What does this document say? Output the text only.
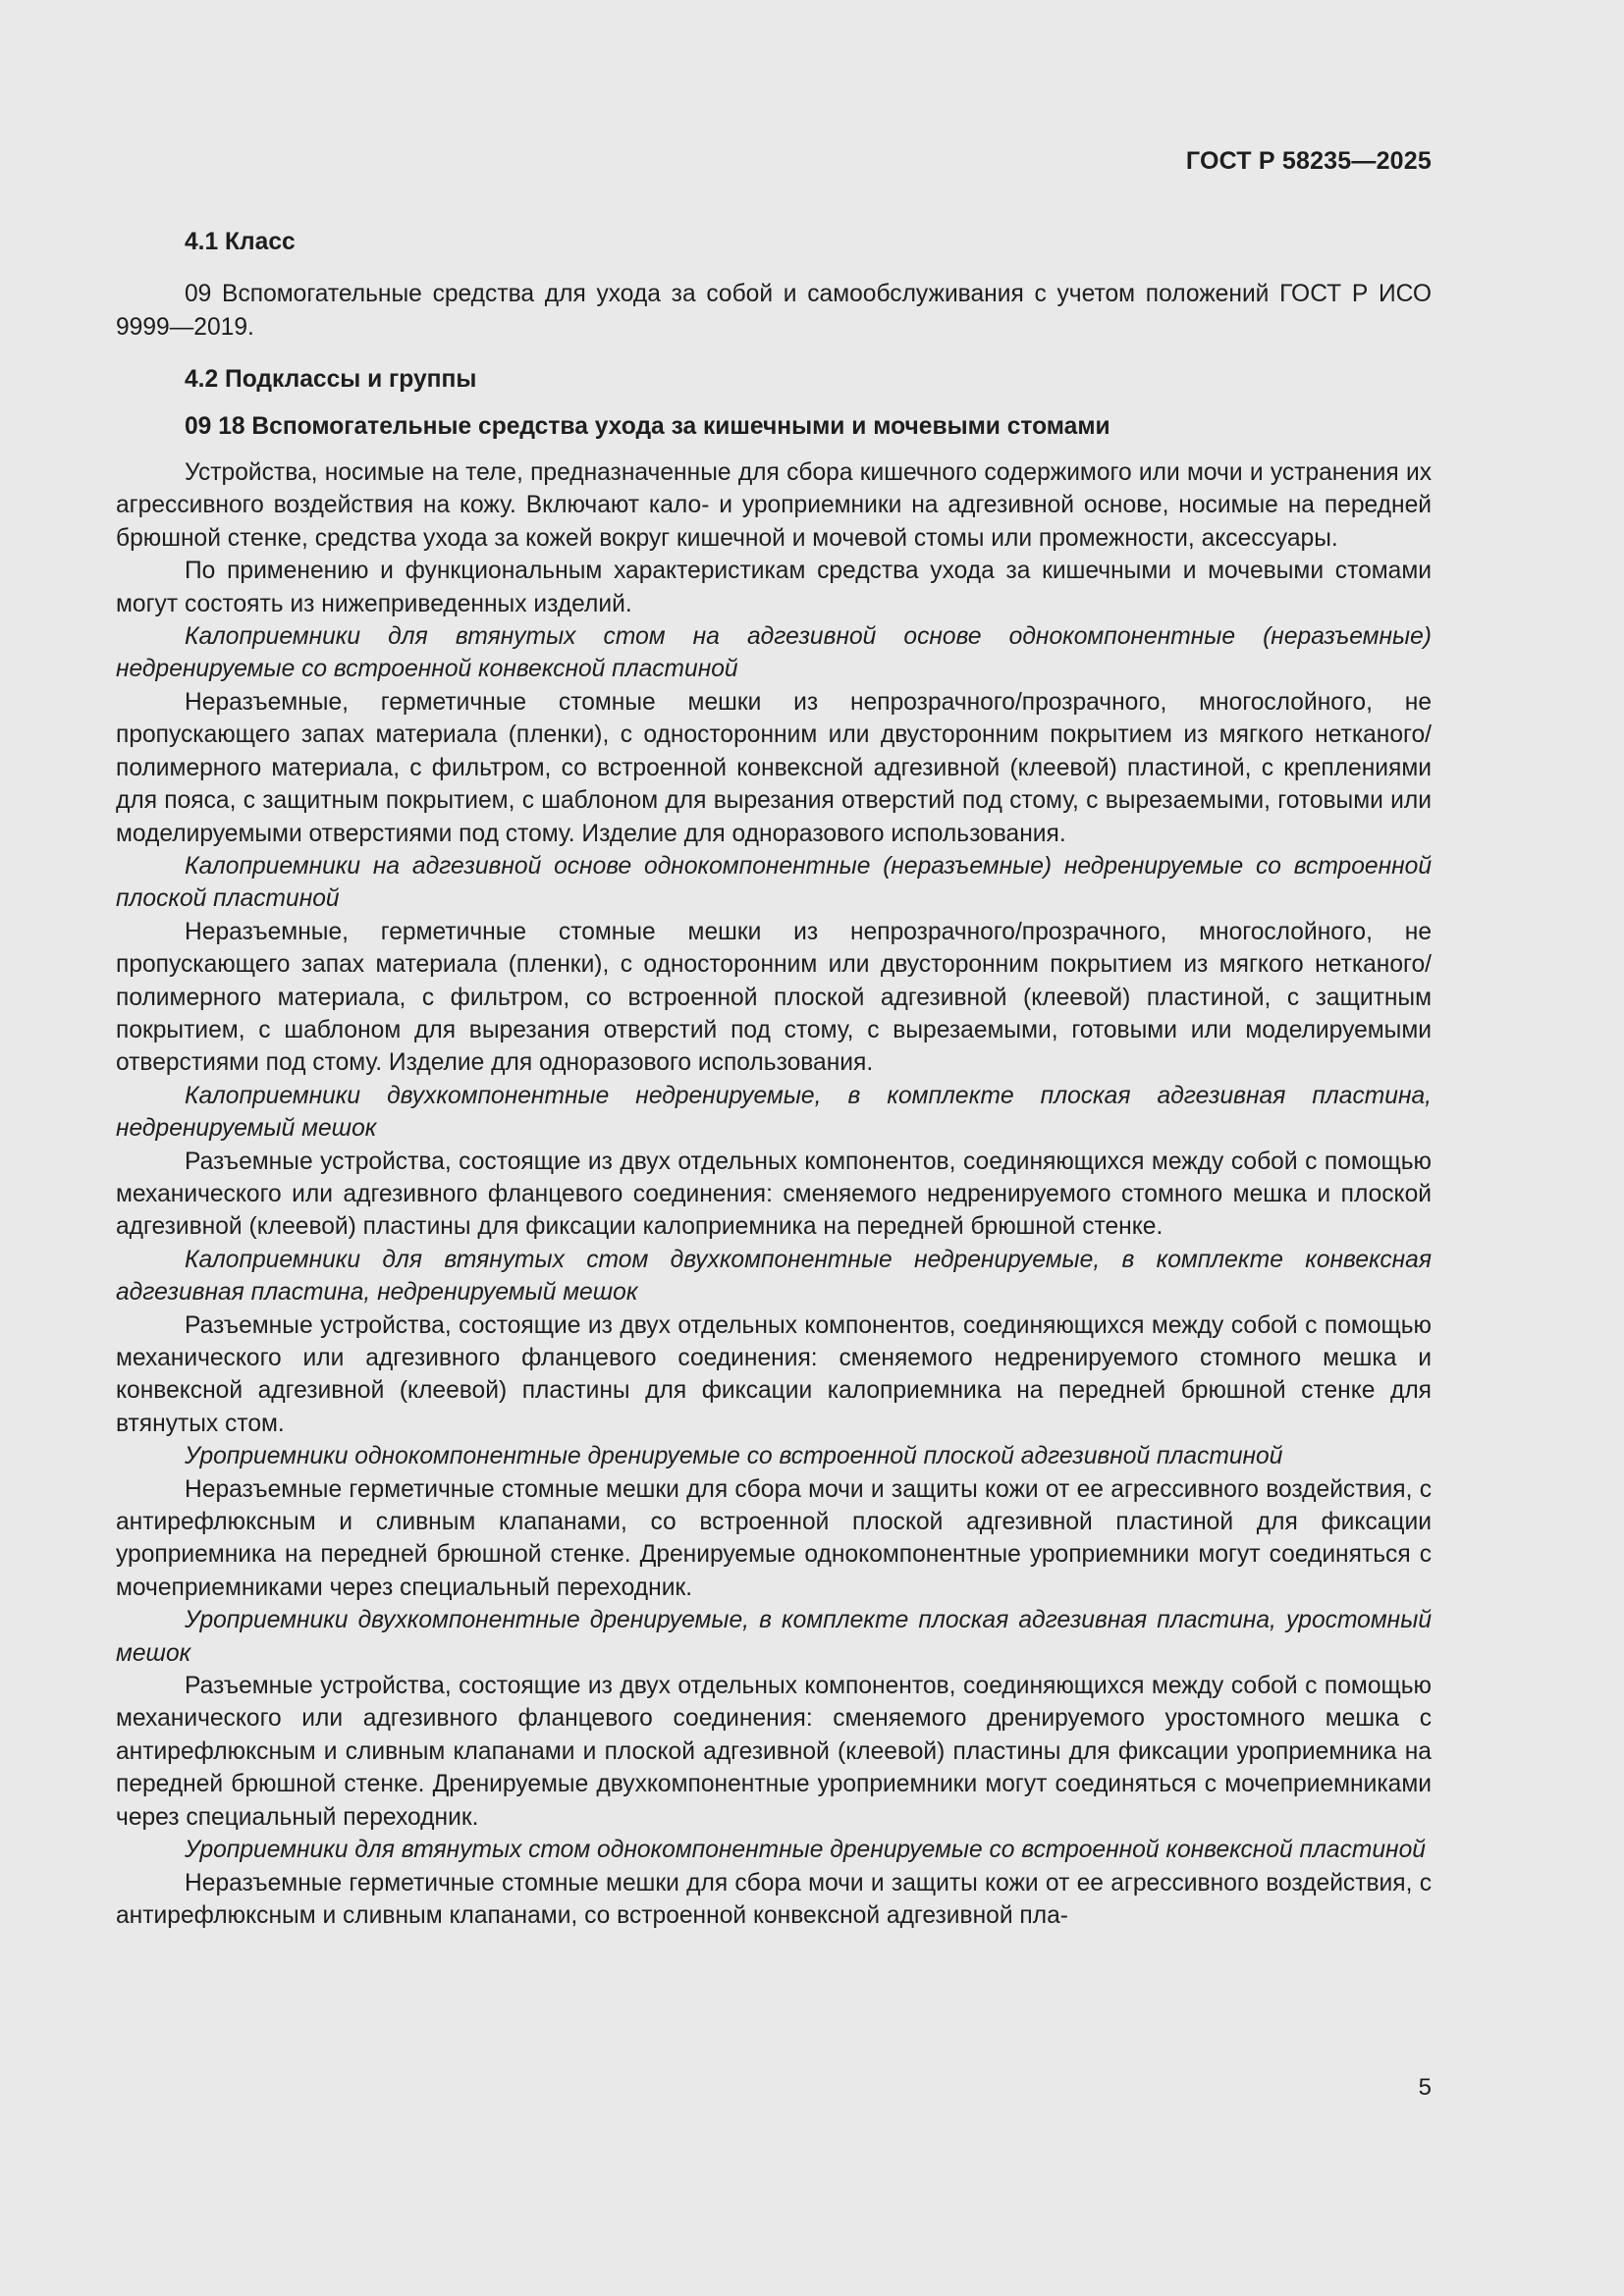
ГОСТ Р 58235—2025
4.1 Класс

09 Вспомогательные средства для ухода за собой и самообслуживания с учетом положений ГОСТ Р ИСО 9999—2019.

4.2 Подклассы и группы
09 18 Вспомогательные средства ухода за кишечными и мочевыми стомами

Устройства, носимые на теле, предназначенные для сбора кишечного содержимого или мочи и устранения их агрессивного воздействия на кожу. Включают кало- и уроприемники на адгезивной основе, носимые на передней брюшной стенке, средства ухода за кожей вокруг кишечной и мочевой стомы или промежности, аксессуары.

По применению и функциональным характеристикам средства ухода за кишечными и мочевыми стомами могут состоять из нижеприведенных изделий.

Калоприемники для втянутых стом на адгезивной основе однокомпонентные (неразъемные) недренируемые со встроенной конвексной пластиной

Неразъемные, герметичные стомные мешки из непрозрачного/прозрачного, многослойного, не пропускающего запах материала (пленки), с односторонним или двусторонним покрытием из мягкого нетканого/полимерного материала, с фильтром, со встроенной конвексной адгезивной (клеевой) пластиной, с креплениями для пояса, с защитным покрытием, с шаблоном для вырезания отверстий под стому, с вырезаемыми, готовыми или моделируемыми отверстиями под стому. Изделие для одноразового использования.

Калоприемники на адгезивной основе однокомпонентные (неразъемные) недренируемые со встроенной плоской пластиной

Неразъемные, герметичные стомные мешки из непрозрачного/прозрачного, многослойного, не пропускающего запах материала (пленки), с односторонним или двусторонним покрытием из мягкого нетканого/полимерного материала, с фильтром, со встроенной плоской адгезивной (клеевой) пластиной, с защитным покрытием, с шаблоном для вырезания отверстий под стому, с вырезаемыми, готовыми или моделируемыми отверстиями под стому. Изделие для одноразового использования.

Калоприемники двухкомпонентные недренируемые, в комплекте плоская адгезивная пластина, недренируемый мешок

Разъемные устройства, состоящие из двух отдельных компонентов, соединяющихся между собой с помощью механического или адгезивного фланцевого соединения: сменяемого недренируемого стомного мешка и плоской адгезивной (клеевой) пластины для фиксации калоприемника на передней брюшной стенке.

Калоприемники для втянутых стом двухкомпонентные недренируемые, в комплекте конвексная адгезивная пластина, недренируемый мешок

Разъемные устройства, состоящие из двух отдельных компонентов, соединяющихся между собой с помощью механического или адгезивного фланцевого соединения: сменяемого недренируемого стомного мешка и конвексной адгезивной (клеевой) пластины для фиксации калоприемника на передней брюшной стенке для втянутых стом.

Уроприемники однокомпонентные дренируемые со встроенной плоской адгезивной пластиной

Неразъемные герметичные стомные мешки для сбора мочи и защиты кожи от ее агрессивного воздействия, с антирефлюксным и сливным клапанами, со встроенной плоской адгезивной пластиной для фиксации уроприемника на передней брюшной стенке. Дренируемые однокомпонентные уроприемники могут соединяться с мочеприемниками через специальный переходник.

Уроприемники двухкомпонентные дренируемые, в комплекте плоская адгезивная пластина, уростомный мешок

Разъемные устройства, состоящие из двух отдельных компонентов, соединяющихся между собой с помощью механического или адгезивного фланцевого соединения: сменяемого дренируемого уростомного мешка с антирефлюксным и сливным клапанами и плоской адгезивной (клеевой) пластины для фиксации уроприемника на передней брюшной стенке. Дренируемые двухкомпонентные уроприемники могут соединяться с мочеприемниками через специальный переходник.

Уроприемники для втянутых стом однокомпонентные дренируемые со встроенной конвексной пластиной

Неразъемные герметичные стомные мешки для сбора мочи и защиты кожи от ее агрессивного воздействия, с антирефлюксным и сливным клапанами, со встроенной конвексной адгезивной пла-

5
